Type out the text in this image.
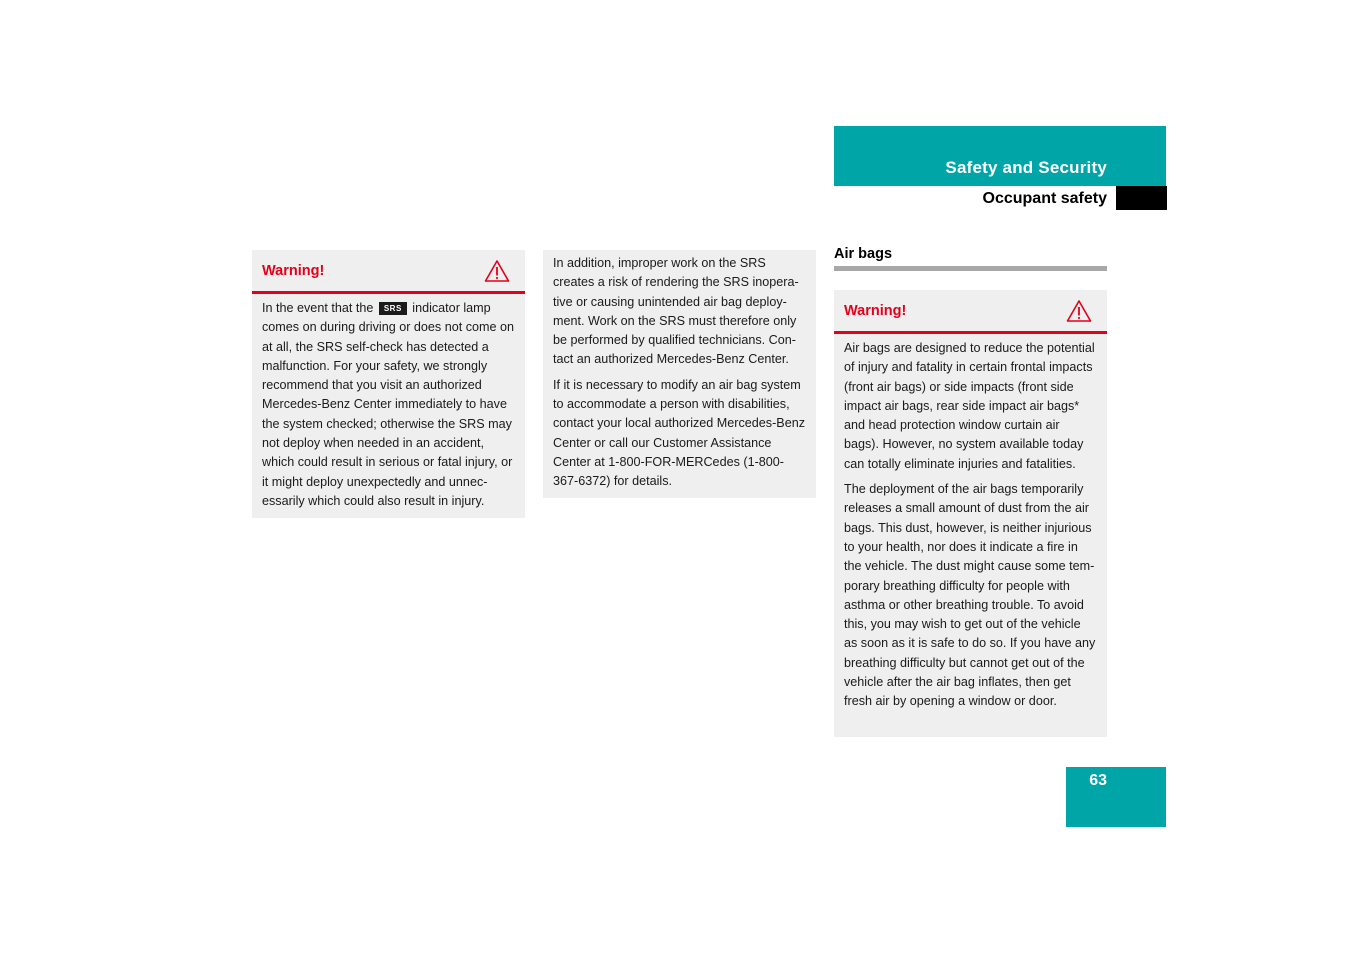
Safety and Security
Occupant safety
Warning!

In the event that the SRS indicator lamp comes on during driving or does not come on at all, the SRS self-check has detected a malfunction. For your safety, we strongly recommend that you visit an authorized Mercedes-Benz Center immediately to have the system checked; otherwise the SRS may not deploy when needed in an accident, which could result in serious or fatal injury, or it might deploy unexpectedly and unnecessarily which could also result in injury.

In addition, improper work on the SRS creates a risk of rendering the SRS inoperative or causing unintended air bag deployment. Work on the SRS must therefore only be performed by qualified technicians. Contact an authorized Mercedes-Benz Center.

If it is necessary to modify an air bag system to accommodate a person with disabilities, contact your local authorized Mercedes-Benz Center or call our Customer Assistance Center at 1-800-FOR-MERCedes (1-800-367-6372) for details.

Air bags
Warning!

Air bags are designed to reduce the potential of injury and fatality in certain frontal impacts (front air bags) or side impacts (front side impact air bags, rear side impact air bags* and head protection window curtain air bags). However, no system available today can totally eliminate injuries and fatalities.

The deployment of the air bags temporarily releases a small amount of dust from the air bags. This dust, however, is neither injurious to your health, nor does it indicate a fire in the vehicle. The dust might cause some temporary breathing difficulty for people with asthma or other breathing trouble. To avoid this, you may wish to get out of the vehicle as soon as it is safe to do so. If you have any breathing difficulty but cannot get out of the vehicle after the air bag inflates, then get fresh air by opening a window or door.

63
